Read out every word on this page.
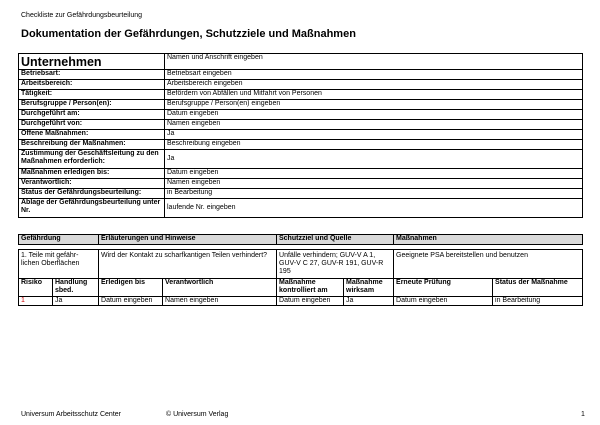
Checkliste zur Gefährdungsbeurteilung
Dokumentation der Gefährdungen, Schutzziele und Maßnahmen
Unternehmen	Namen und Anschrift eingeben
Betriebsart:	Betriebsart eingeben
Arbeitsbereich:	Arbeitsbereich eingeben
Tätigkeit:	Befördern von Abfällen und Mitfahrt von Personen
Berufsgruppe / Person(en):	Berufsgruppe / Person(en) eingeben
Durchgeführt am:	Datum eingeben
Durchgeführt von:	Namen eingeben
Offene Maßnahmen:	Ja
Beschreibung der Maßnahmen:	Beschreibung eingeben
Zustimmung der Geschäftsleitung zu den Maßnahmen erforderlich:	Ja
Maßnahmen erledigen bis:	Datum eingeben
Verantwortlich:	Namen eingeben
Status der Gefährdungsbeurteilung:	in Bearbeitung
Ablage der Gefährdungsbeurteilung unter Nr.	laufende Nr. eingeben
Gefährdung	Erläuterungen und Hinweise	Schutzziel und Quelle	Maßnahmen
1. Teile mit gefähr-lichen Oberflächen		Wird der Kontakt zu scharfkantigen Teilen verhindert?		Unfälle verhindern; GUV-V A 1, GUV-V C 27, GUV-R 191, GUV-R 195		Geeignete PSA bereitstellen und benutzen	
Risiko	Handlung sbed.	Erledigen bis	Verantwortlich	Maßnahme kontrolliert am	Maßnahme wirksam	Erneute Prüfung	Status der Maßnahme
1	Ja	Datum eingeben	Namen eingeben	Datum eingeben	Ja	Datum eingeben	in Bearbeitung
Universum Arbeitsschutz Center	© Universum Verlag	1
